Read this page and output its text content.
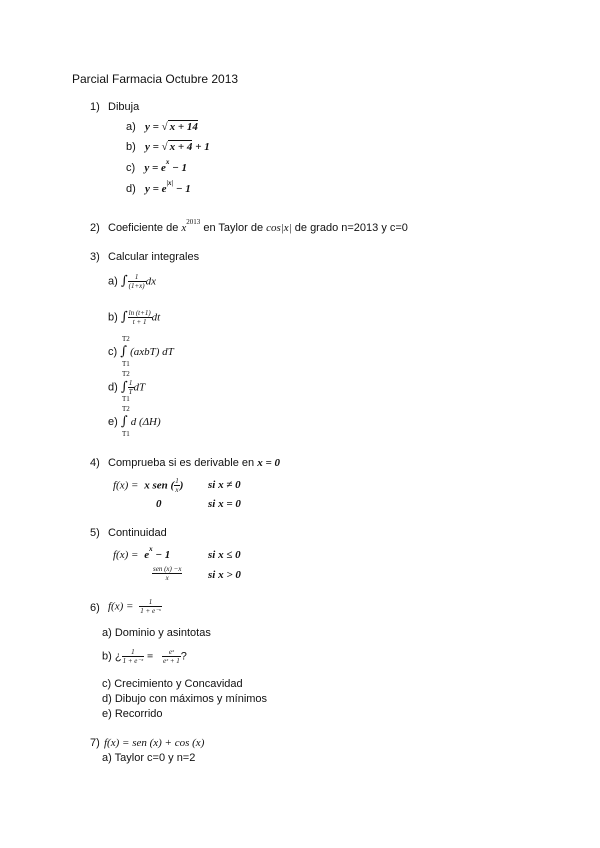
Parcial Farmacia Octubre 2013
1) Dibuja
a) y = √ x + 14
b) y = √ x + 4 + 1
c) $y = e^x - 1$
d) $y = e^{|x|} - 1$
2) Coeficiente de $x^{2013}$ en Taylor de cos|x| de grado n=2013 y c=0
3) Calcular integrales
a) ∫ $\frac{1}{(1+x)}$ dx
b) ∫ $\frac{\ln (t+1)}{t + 1}$ dt
T2
c) ∫ (axbT) dT
T1
T2
d) ∫ $\frac{1}{T}$ dT
T1
T2
e) ∫ d (ΔH)
T1
4) Comprueba si es derivable en x = 0
f(x) =  x sen ( $\frac{1}{x}$ ) si x ≠ 0
0	si x = 0
5) Continuidad
$f(x) = e^x - 1$	si x ≤ 0
$\frac{\text{sen (x) −x}}{x}$ si x > 0
6) $f(x) = \frac{1}{\text{1 + e⁻ˣ}}$
a) Dominio y asintotas
b) ¿ $\frac{1}{\text{1 + e⁻ˣ}} = \frac{\text{eˣ}}{\text{eˣ + 1}}$ ?
c) Crecimiento y Concavidad
d) Dibujo con máximos y mínimos
e) Recorrido
7) f(x) = sen (x) + cos (x)
a) Taylor c=0 y n=2
